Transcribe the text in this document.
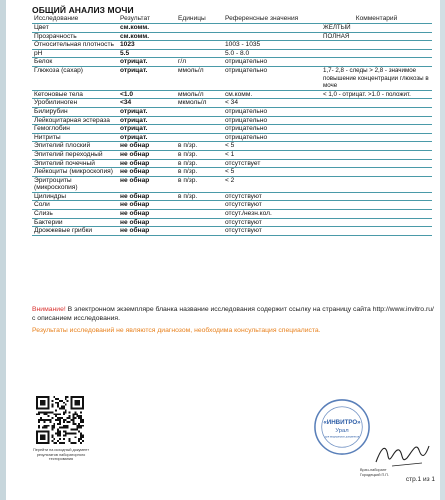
ОБЩИЙ АНАЛИЗ МОЧИ
Исследование	Результат	Единицы	Референсные значения	Комментарий
Цвет	см.комм.			ЖЕЛТЫЙ
Прозрачность	см.комм.			ПОЛНАЯ
Относительная плотность	1023		1003 - 1035	
pH	5.5		5.0 - 8.0	
Белок	отрицат.	г/л	отрицательно	
Глюкоза (сахар)	отрицат.	ммоль/л	отрицательно	1,7- 2,8 - следы > 2,8 - значимое повышение концентрации глюкозы в моче
Кетоновые тела	<1.0	ммоль/л	см.комм.	< 1,0 - отрицат. >1.0 - положит.
Уробилиноген	<34	мкмоль/л	< 34	
Билирубин	отрицат.		отрицательно	
Лейкоцитарная эстераза	отрицат.		отрицательно	
Гемоглобин	отрицат.		отрицательно	
Нитриты	отрицат.		отрицательно	
Эпителий плоский	не обнар	в п/зр.	< 5	
Эпителий переходный	не обнар	в п/зр.	< 1	
Эпителий почечный	не обнар	в п/зр.	отсутствует	
Лейкоциты (микроскопия)	не обнар	в п/зр.	< 5	
Эритроциты (микроскопия)	не обнар	в п/зр.	< 2	
Цилиндры	не обнар	в п/зр.	отсутствуют	
Соли	не обнар		отсутствуют	
Слизь	не обнар		отсут./незн.кол.	
Бактерии	не обнар		отсутствуют	
Дрожжевые грибки	не обнар		отсутствуют	
Внимание! В электронном экземпляре бланка название исследования содержит ссылку на страницу сайта http://www.invitro.ru/ с описанием исследования.
Результаты исследований не являются диагнозом, необходима консультация специалиста.
Перейти на исходный документ результатов лабораторного тестирования
«ИНВИТРО»
Урал
для медицинских документов
Врач-лаборант Городецкий П.П.
стр.1 из 1
